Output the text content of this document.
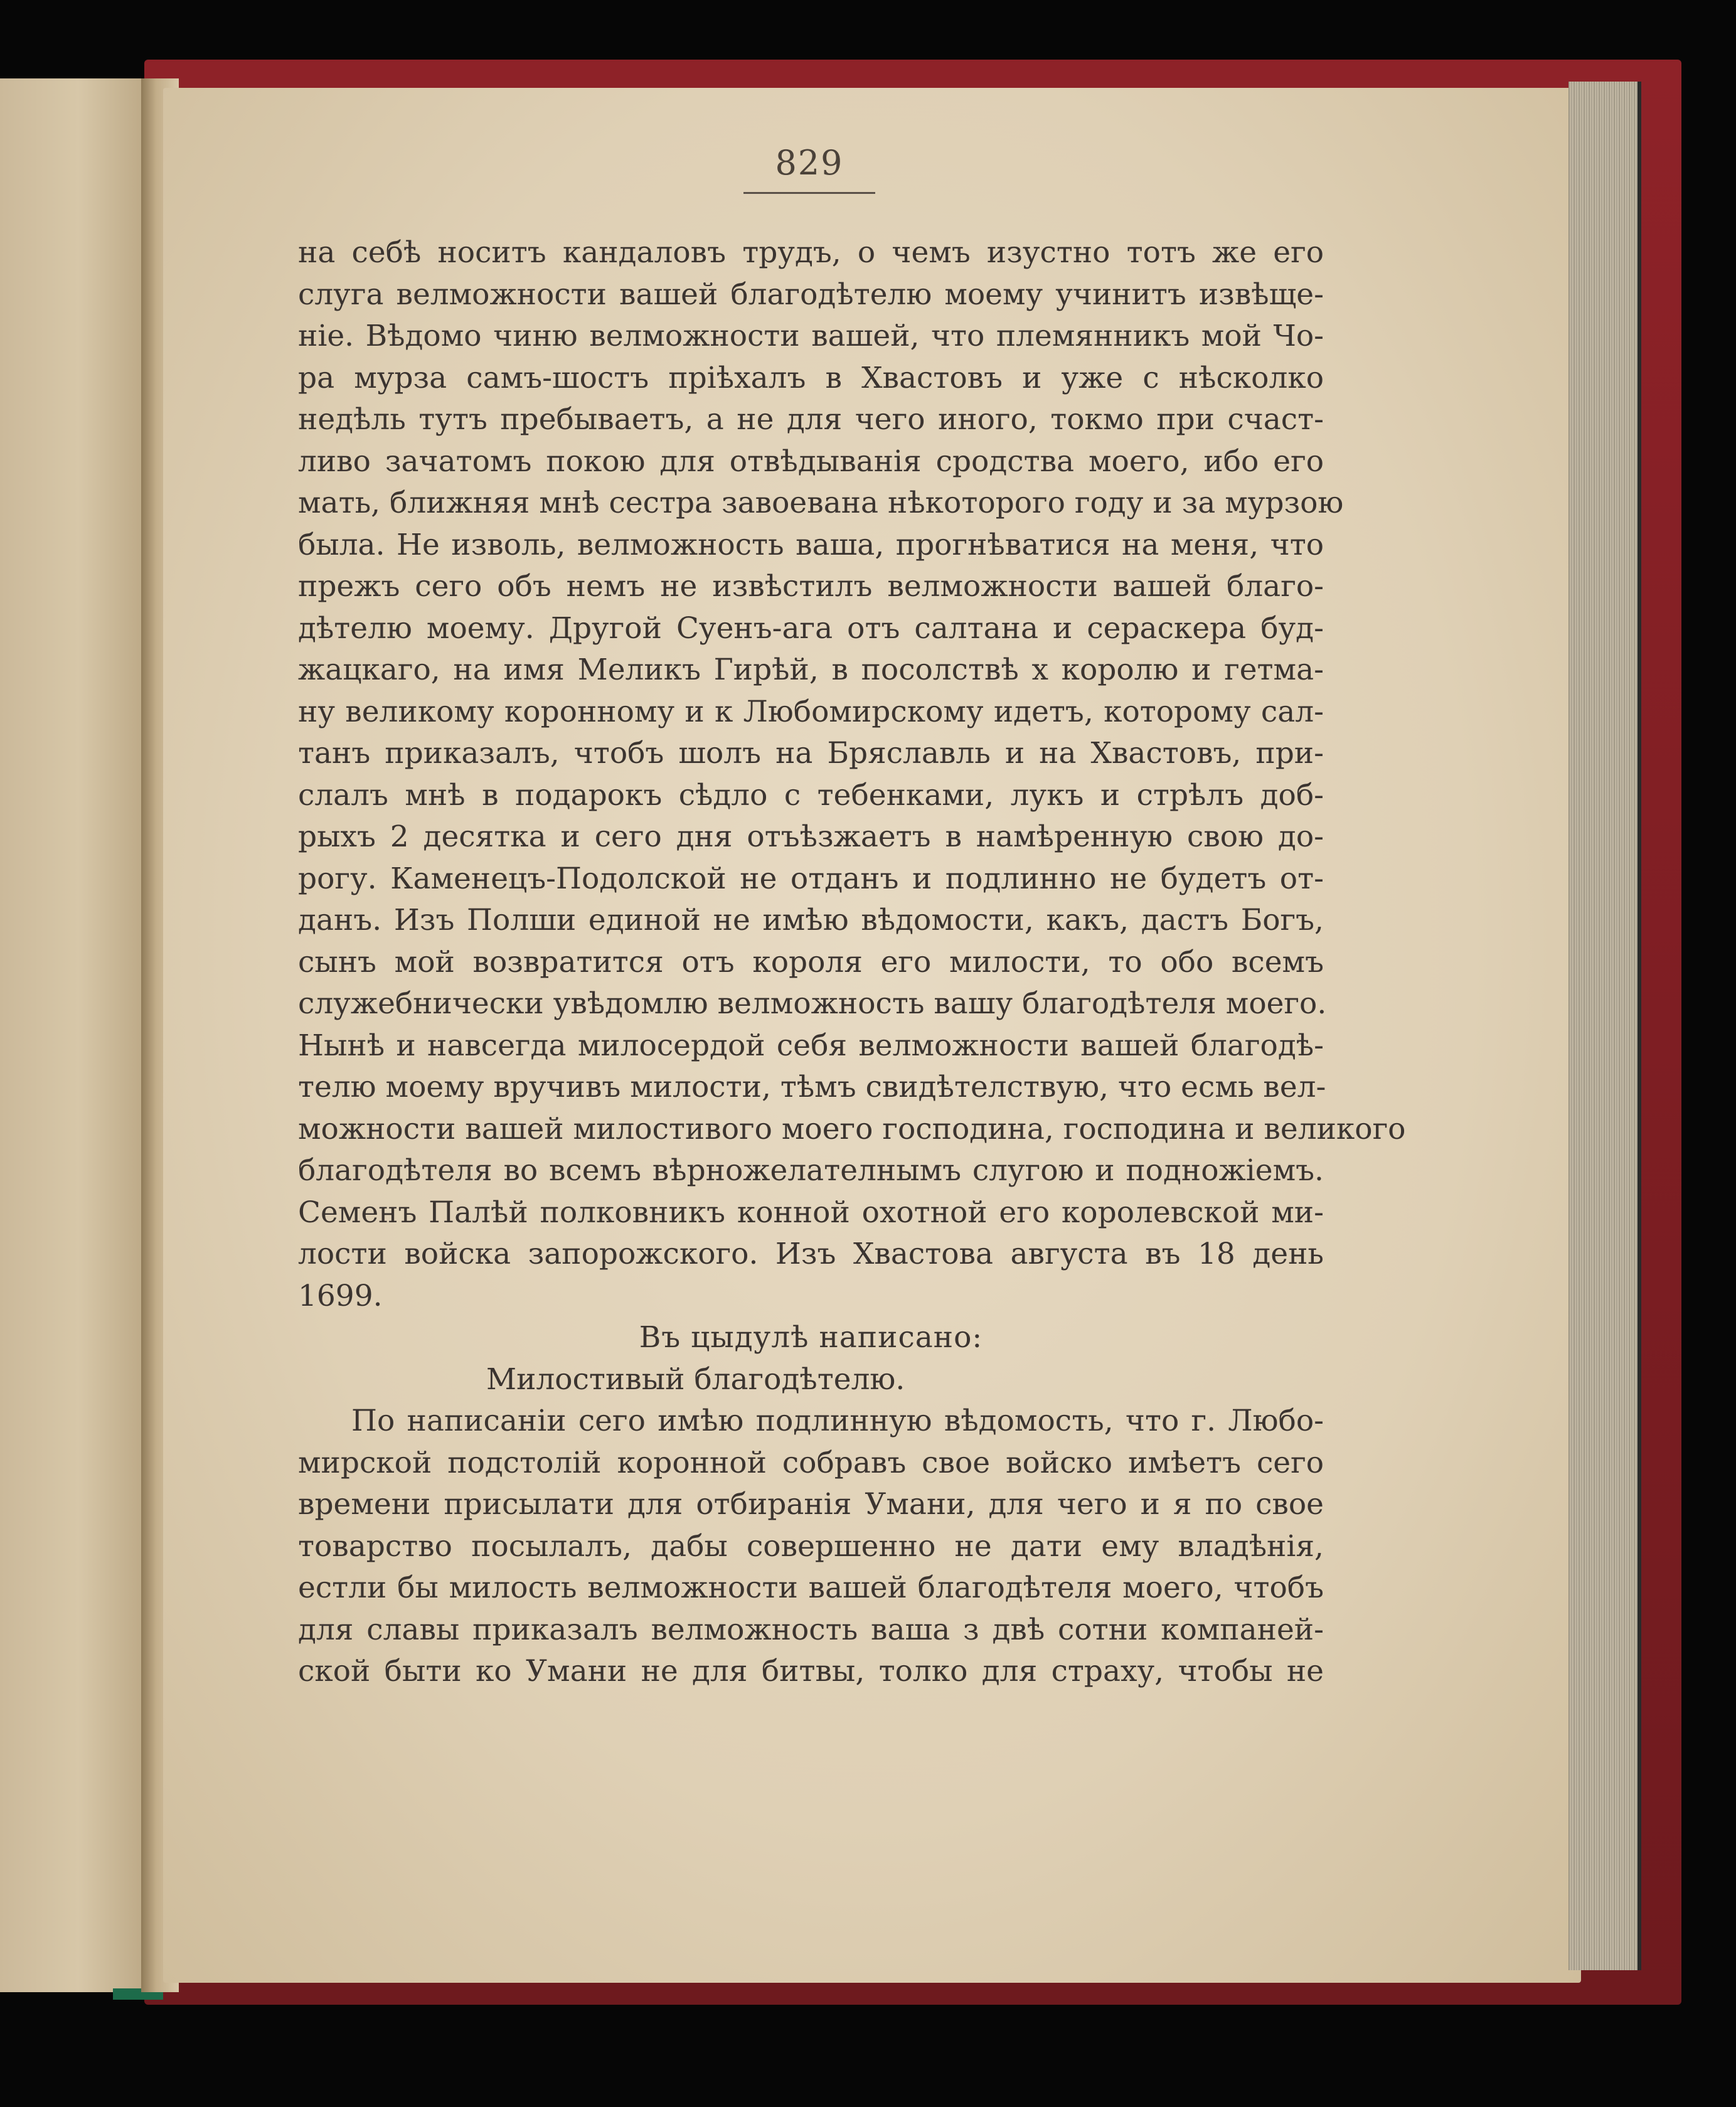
829
на себѣ носитъ кандаловъ трудъ, о чемъ изустно тотъ же его
слуга велможности вашей благодѣтелю моему учинитъ извѣще-
ніе. Вѣдомо чиню велможности вашей, что племянникъ мой Чо-
ра мурза самъ-шостъ пріѣхалъ в Хвастовъ и уже с нѣсколко
недѣль тутъ пребываетъ, а не для чего иного, токмо при счаст-
ливо зачатомъ покою для отвѣдыванія сродства моего, ибо его
мать, ближняя мнѣ сестра завоевана нѣкоторого году и за мурзою
была. Не изволь, велможность ваша, прогнѣватися на меня, что
прежъ сего объ немъ не извѣстилъ велможности вашей благо-
дѣтелю моему. Другой Суенъ-ага отъ салтана и сераскера буд-
жацкаго, на имя Меликъ Гирѣй, в посолствѣ х королю и гетма-
ну великому коронному и к Любомирскому идетъ, которому сал-
танъ приказалъ, чтобъ шолъ на Бряславль и на Хвастовъ, при-
слалъ мнѣ в подарокъ сѣдло с тебенками, лукъ и стрѣлъ доб-
рыхъ 2 десятка и сего дня отъѣзжаетъ в намѣренную свою до-
рогу. Каменецъ-Подолской не отданъ и подлинно не будетъ от-
данъ. Изъ Полши единой не имѣю вѣдомости, какъ, дастъ Богъ,
сынъ мой возвратится отъ короля его милости, то обо всемъ
служебнически увѣдомлю велможность вашу благодѣтеля моего.
Нынѣ и навсегда милосердой себя велможности вашей благодѣ-
телю моему вручивъ милости, тѣмъ свидѣтелствую, что есмь вел-
можности вашей милостивого моего господина, господина и великого
благодѣтеля во всемъ вѣрножелателнымъ слугою и подножіемъ.
Семенъ Палѣй полковникъ конной охотной его королевской ми-
лости войска запорожского. Изъ Хвастова августа въ 18 день
1699.
Въ цыдулѣ написано:
Милостивый благодѣтелю.
По написаніи сего имѣю подлинную вѣдомость, что г. Любо-
мирской подстолій коронной собравъ свое войско имѣетъ сего
времени присылати для отбиранія Умани, для чего и я по свое
товарство посылалъ, дабы совершенно не дати ему владѣнія,
естли бы милость велможности вашей благодѣтеля моего, чтобъ
для славы приказалъ велможность ваша з двѣ сотни компаней-
ской быти ко Умани не для битвы, толко для страху, чтобы не
